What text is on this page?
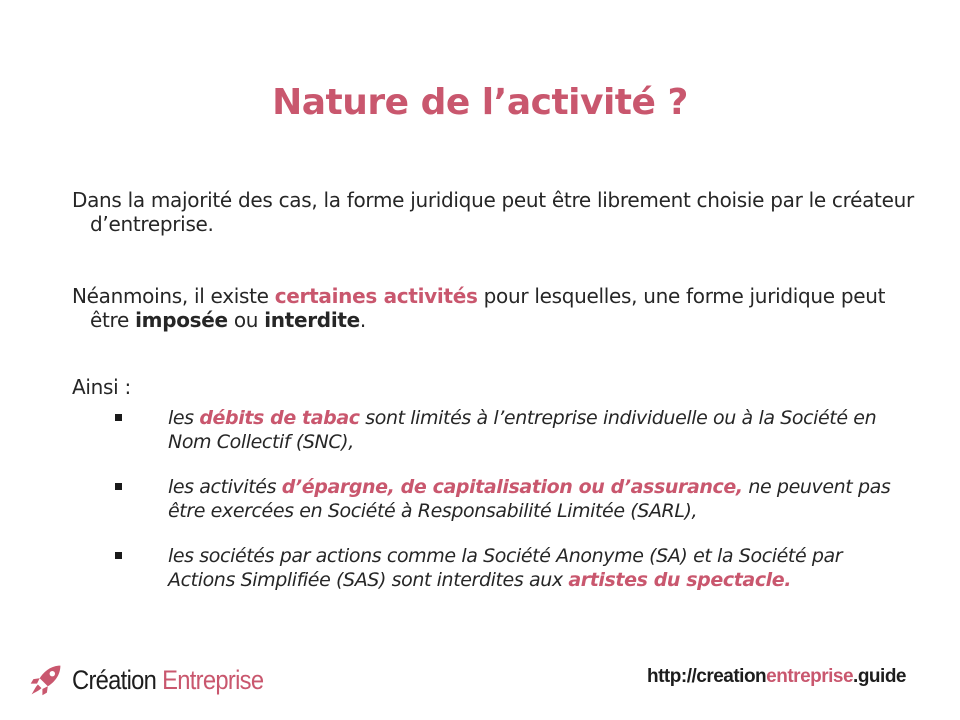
Nature de l’activité ?
Dans la majorité des cas, la forme juridique peut être librement choisie par le créateur d’entreprise.
Néanmoins, il existe certaines activités pour lesquelles, une forme juridique peut être imposée ou interdite.
Ainsi :
les débits de tabac sont limités à l’entreprise individuelle ou à la Société en Nom Collectif (SNC),
les activités d’épargne, de capitalisation ou d’assurance, ne peuvent pas être exercées en Société à Responsabilité Limitée (SARL),
les sociétés par actions comme la Société Anonyme (SA) et la Société par Actions Simplifiée (SAS) sont interdites aux artistes du spectacle.
Création Entreprise	http://creationentreprise.guide
